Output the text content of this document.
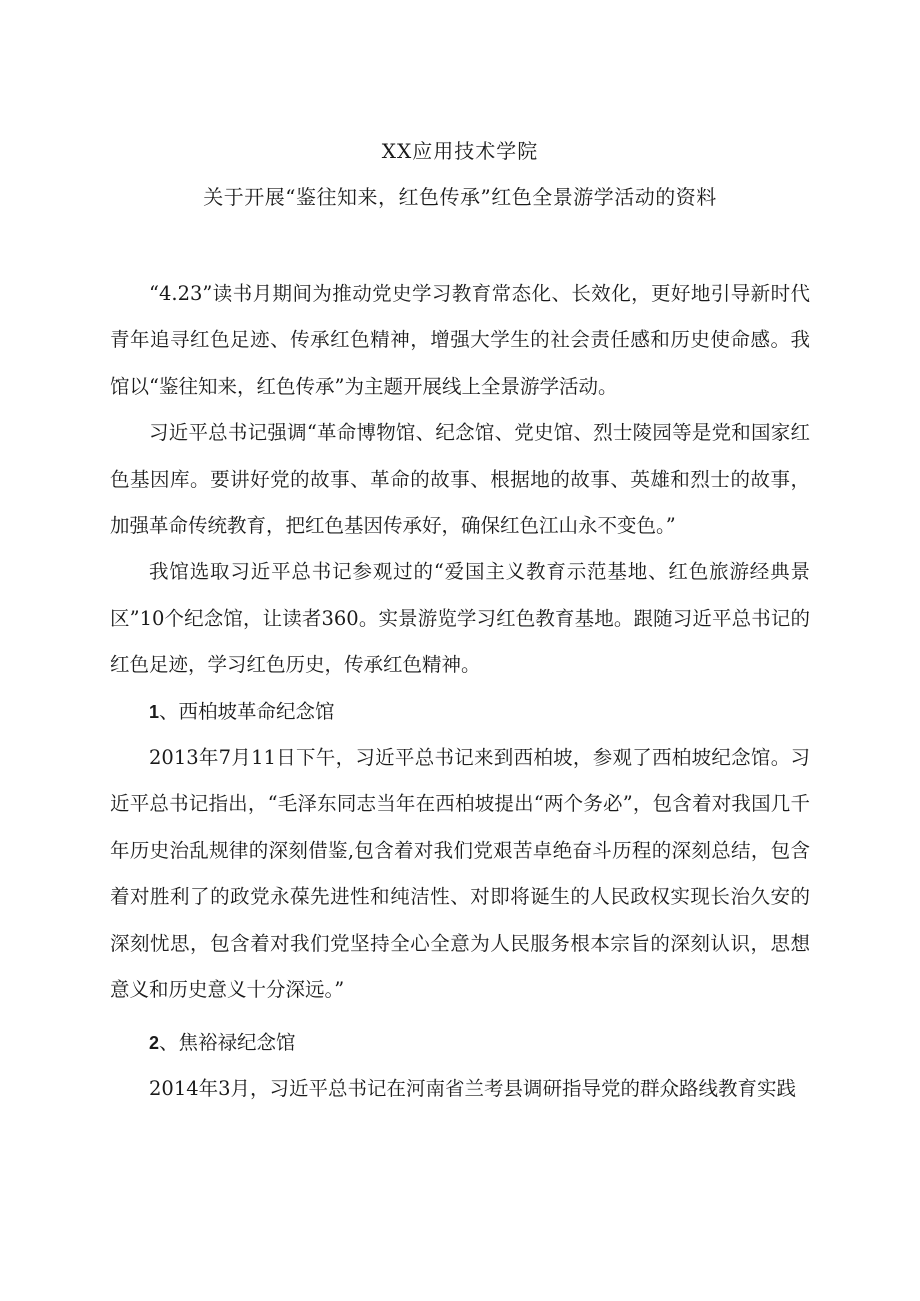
XX应用技术学院
关于开展“鉴往知来，红色传承”红色全景游学活动的资料

“4.23”读书月期间为推动党史学习教育常态化、长效化，更好地引导新时代青年追寻红色足迹、传承红色精神，增强大学生的社会责任感和历史使命感。我馆以“鉴往知来，红色传承”为主题开展线上全景游学活动。

习近平总书记强调“革命博物馆、纪念馆、党史馆、烈士陵园等是党和国家红色基因库。要讲好党的故事、革命的故事、根据地的故事、英雄和烈士的故事，加强革命传统教育，把红色基因传承好，确保红色江山永不变色。”

我馆选取习近平总书记参观过的“爱国主义教育示范基地、红色旅游经典景区”10个纪念馆，让读者360。实景游览学习红色教育基地。跟随习近平总书记的红色足迹，学习红色历史，传承红色精神。

1、西柏坡革命纪念馆

2013年7月11日下午，习近平总书记来到西柏坡，参观了西柏坡纪念馆。习近平总书记指出，“毛泽东同志当年在西柏坡提出“两个务必”，包含着对我国几千年历史治乱规律的深刻借鉴,包含着对我们党艰苦卓绝奋斗历程的深刻总结，包含着对胜利了的政党永葆先进性和纯洁性、对即将诞生的人民政权实现长治久安的深刻忧思，包含着对我们党坚持全心全意为人民服务根本宗旨的深刻认识，思想意义和历史意义十分深远。”

2、焦裕禄纪念馆

2014年3月，习近平总书记在河南省兰考县调研指导党的群众路线教育实践
